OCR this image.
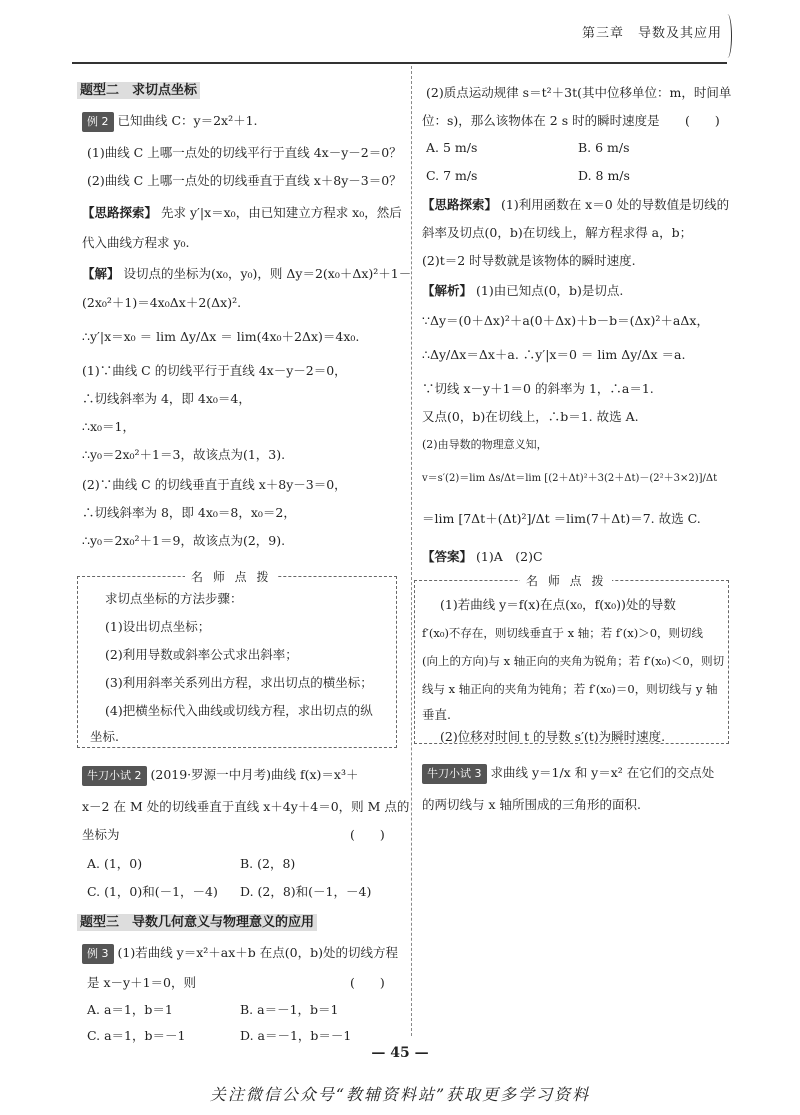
第三章　导数及其应用
题型二　求切点坐标
例 2 已知曲线 C：y＝2x²＋1.
(1)曲线 C 上哪一点处的切线平行于直线 4x－y－2＝0？
(2)曲线 C 上哪一点处的切线垂直于直线 x＋8y－3＝0？
【思路探索】 先求 y′|x＝x₀，由已知建立方程求 x₀，然后
代入曲线方程求 y₀.
【解】 设切点的坐标为(x₀，y₀)，则 Δy＝2(x₀＋Δx)²＋1－
(2x₀²＋1)＝4x₀Δx＋2(Δx)².
∴y′|x＝x₀ ＝ lim Δy/Δx ＝ lim(4x₀＋2Δx)＝4x₀.
(1)∵曲线 C 的切线平行于直线 4x－y－2＝0，
∴切线斜率为 4，即 4x₀＝4，
∴x₀＝1，
∴y₀＝2x₀²＋1＝3，故该点为(1，3).
(2)∵曲线 C 的切线垂直于直线 x＋8y－3＝0，
∴切线斜率为 8，即 4x₀＝8，x₀＝2，
∴y₀＝2x₀²＋1＝9，故该点为(2，9).
名 师 点 拨
求切点坐标的方法步骤：
(1)设出切点坐标；
(2)利用导数或斜率公式求出斜率；
(3)利用斜率关系列出方程，求出切点的横坐标；
(4)把横坐标代入曲线或切线方程，求出切点的纵
坐标.
牛刀小试 2 (2019·罗源一中月考)曲线 f(x)＝x³＋
x－2 在 M 处的切线垂直于直线 x＋4y＋4＝0，则 M 点的
坐标为	(　　)
A. (1，0)	B. (2，8)
C. (1，0)和(－1，－4) D. (2，8)和(－1，－4)
题型三　导数几何意义与物理意义的应用
例 3 (1)若曲线 y＝x²＋ax＋b 在点(0，b)处的切线方程
是 x－y＋1＝0，则	(　　)
A. a＝1，b＝1	B. a＝－1，b＝1
C. a＝1，b＝－1	D. a＝－1，b＝－1
(2)质点运动规律 s＝t²＋3t(其中位移单位：m，时间单
位：s)，那么该物体在 2 s 时的瞬时速度是 (　　)
A. 5 m/s	B. 6 m/s
C. 7 m/s	D. 8 m/s
【思路探索】 (1)利用函数在 x＝0 处的导数值是切线的
斜率及切点(0，b)在切线上，解方程求得 a，b；
(2)t＝2 时导数就是该物体的瞬时速度.
【解析】 (1)由已知点(0，b)是切点.
∵Δy＝(0＋Δx)²＋a(0＋Δx)＋b－b＝(Δx)²＋aΔx，
∴Δy/Δx＝Δx＋a. ∴y′|x＝0 ＝ lim Δy/Δx ＝a.
∵切线 x－y＋1＝0 的斜率为 1，∴a＝1.
又点(0，b)在切线上，∴b＝1. 故选 A.
(2)由导数的物理意义知，
v＝s′(2)＝lim Δs/Δt＝lim [(2＋Δt)²＋3(2＋Δt)－(2²＋3×2)]/Δt
＝lim [7Δt＋(Δt)²]/Δt ＝lim(7＋Δt)＝7. 故选 C.
【答案】 (1)A　(2)C
名 师 点 拨
(1)若曲线 y＝f(x)在点(x₀，f(x₀))处的导数
f′(x₀)不存在，则切线垂直于 x 轴；若 f′(x)＞0，则切线
(向上的方向)与 x 轴正向的夹角为锐角；若 f′(x₀)＜0，则切
线与 x 轴正向的夹角为钝角；若 f′(x₀)＝0，则切线与 y 轴
垂直.
(2)位移对时间 t 的导数 s′(t)为瞬时速度.
牛刀小试 3 求曲线 y＝1/x 和 y＝x² 在它们的交点处
的两切线与 x 轴所围成的三角形的面积.
— 45 —
关注微信公众号“教辅资料站”获取更多学习资料
